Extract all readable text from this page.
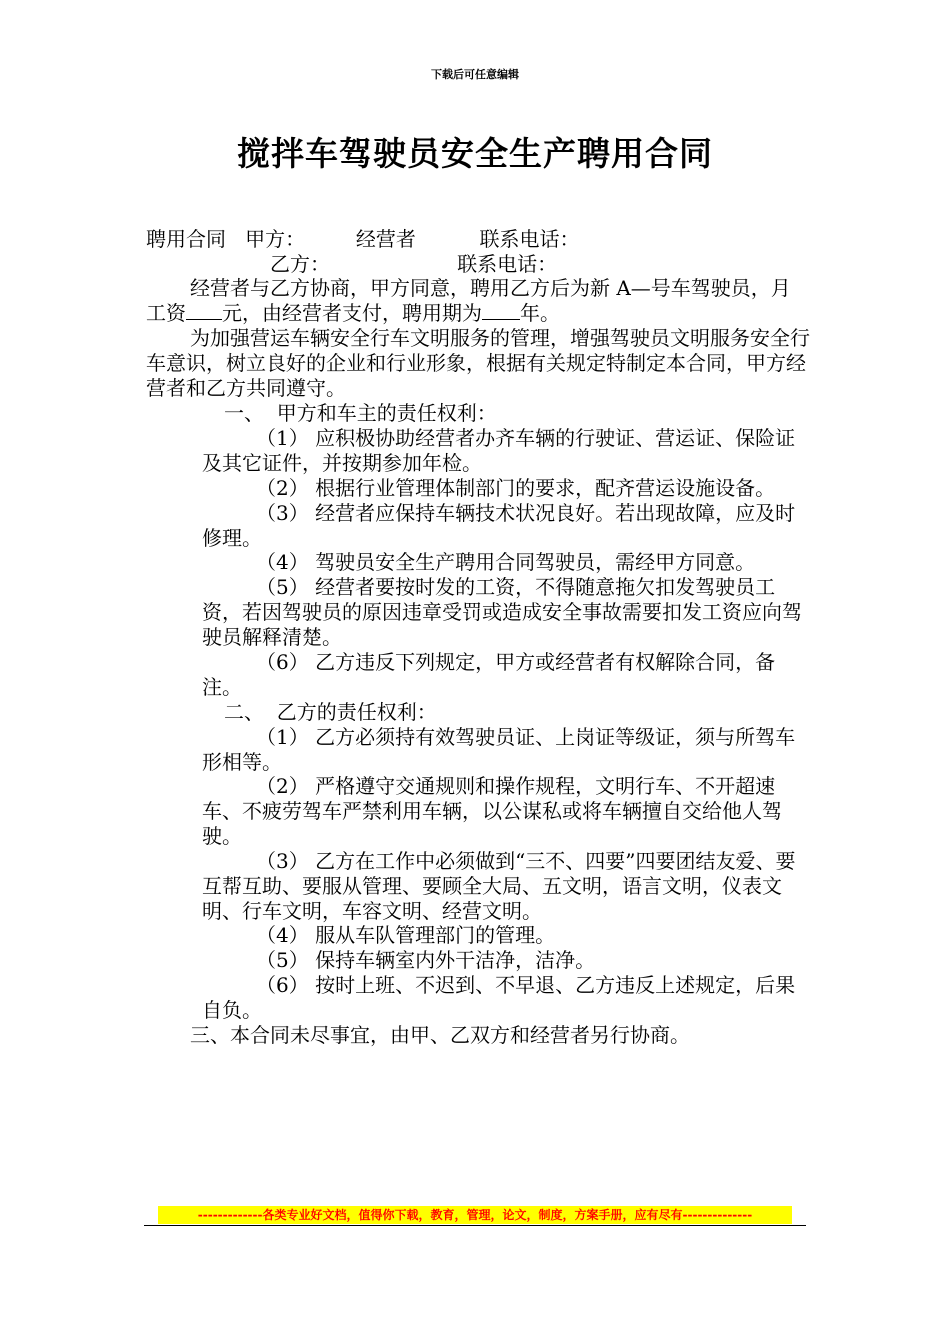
下载后可任意编辑
搅拌车驾驶员安全生产聘用合同
聘用合同   甲方：        经营者          联系电话：
乙方：                    联系电话：
经营者与乙方协商，甲方同意，聘用乙方后为新 A—号车驾驶员，月工资 元，由经营者支付，聘用期为 年。
为加强营运车辆安全行车文明服务的管理，增强驾驶员文明服务安全行车意识，树立良好的企业和行业形象，根据有关规定特制定本合同，甲方经营者和乙方共同遵守。
一、  甲方和车主的责任权利：
（1） 应积极协助经营者办齐车辆的行驶证、营运证、保险证及其它证件，并按期参加年检。
（2） 根据行业管理体制部门的要求，配齐营运设施设备。
（3） 经营者应保持车辆技术状况良好。若出现故障，应及时修理。
（4） 驾驶员安全生产聘用合同驾驶员，需经甲方同意。
（5） 经营者要按时发的工资，不得随意拖欠扣发驾驶员工资，若因驾驶员的原因违章受罚或造成安全事故需要扣发工资应向驾驶员解释清楚。
（6） 乙方违反下列规定，甲方或经营者有权解除合同，备注。
二、  乙方的责任权利：
（1） 乙方必须持有效驾驶员证、上岗证等级证，须与所驾车形相等。
（2） 严格遵守交通规则和操作规程，文明行车、不开超速车、不疲劳驾车严禁利用车辆，以公谋私或将车辆擅自交给他人驾驶。
（3） 乙方在工作中必须做到“三不、四要”四要团结友爱、要互帮互助、要服从管理、要顾全大局、五文明，语言文明，仪表文明、行车文明，车容文明、经营文明。
（4） 服从车队管理部门的管理。
（5） 保持车辆室内外干洁净，洁净。
（6） 按时上班、不迟到、不早退、乙方违反上述规定，后果自负。
三、本合同未尽事宜，由甲、乙双方和经营者另行协商。
-------------各类专业好文档，值得你下载，教育，管理，论文，制度，方案手册，应有尽有--------------
